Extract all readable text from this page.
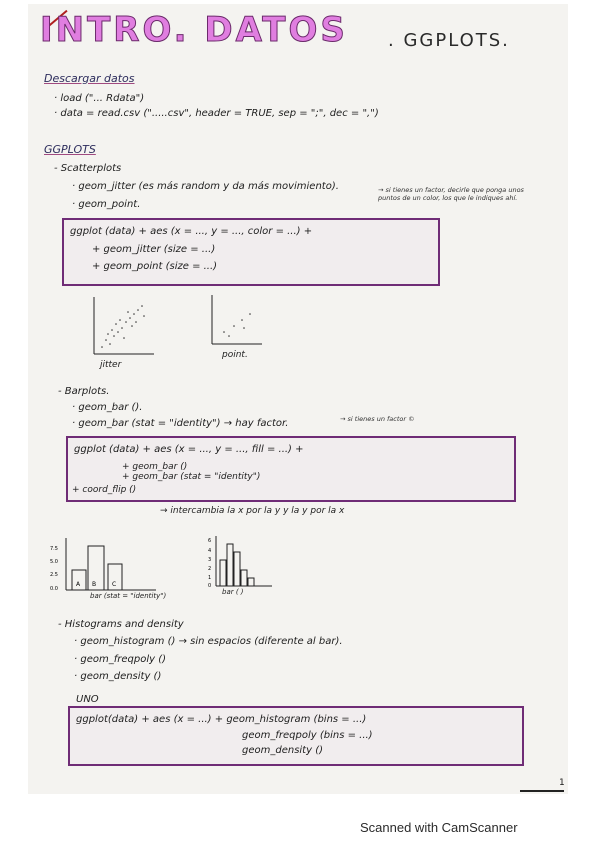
INTRO. DATOS . GGPLOTS.
Descargar datos
· load ("... Rdata")
· data = read.csv (".....csv", header = TRUE, sep = ";", dec = ",")
GGPLOTS
- Scatterplots
· geom_jitter (es más random y da más movimiento).
· geom_point.
→ si tienes un factor, decirle que ponga unos puntos de un color, los que le indiques ahí.
ggplot (data) + aes (x = ..., y = ..., color = ...) +
+ geom_jitter (size = ...)
+ geom_point (size = ...)
jitter
point.
- Barplots.
· geom_bar ().
· geom_bar (stat = "identity") → hay factor.	→ si tienes un factor ©
ggplot (data) + aes (x = ..., y = ..., fill = ...) +
+ geom_bar ()
+ geom_bar (stat = "identity")
+ coord_flip ()
→ intercambia la x por la y y la y por la x
7.5
5.0
2.5
0.0
A B	C
6
4
3
2
1
0
bar (stat = "identity")	bar ( )
- Histograms and density
· geom_histogram () → sin espacios (diferente al bar).
· geom_freqpoly ()
· geom_density ()
UNO
ggplot(data) + aes (x = ...) + geom_histogram (bins = ...)
geom_freqpoly (bins = ...)
geom_density ()
1
Scanned with CamScanner
